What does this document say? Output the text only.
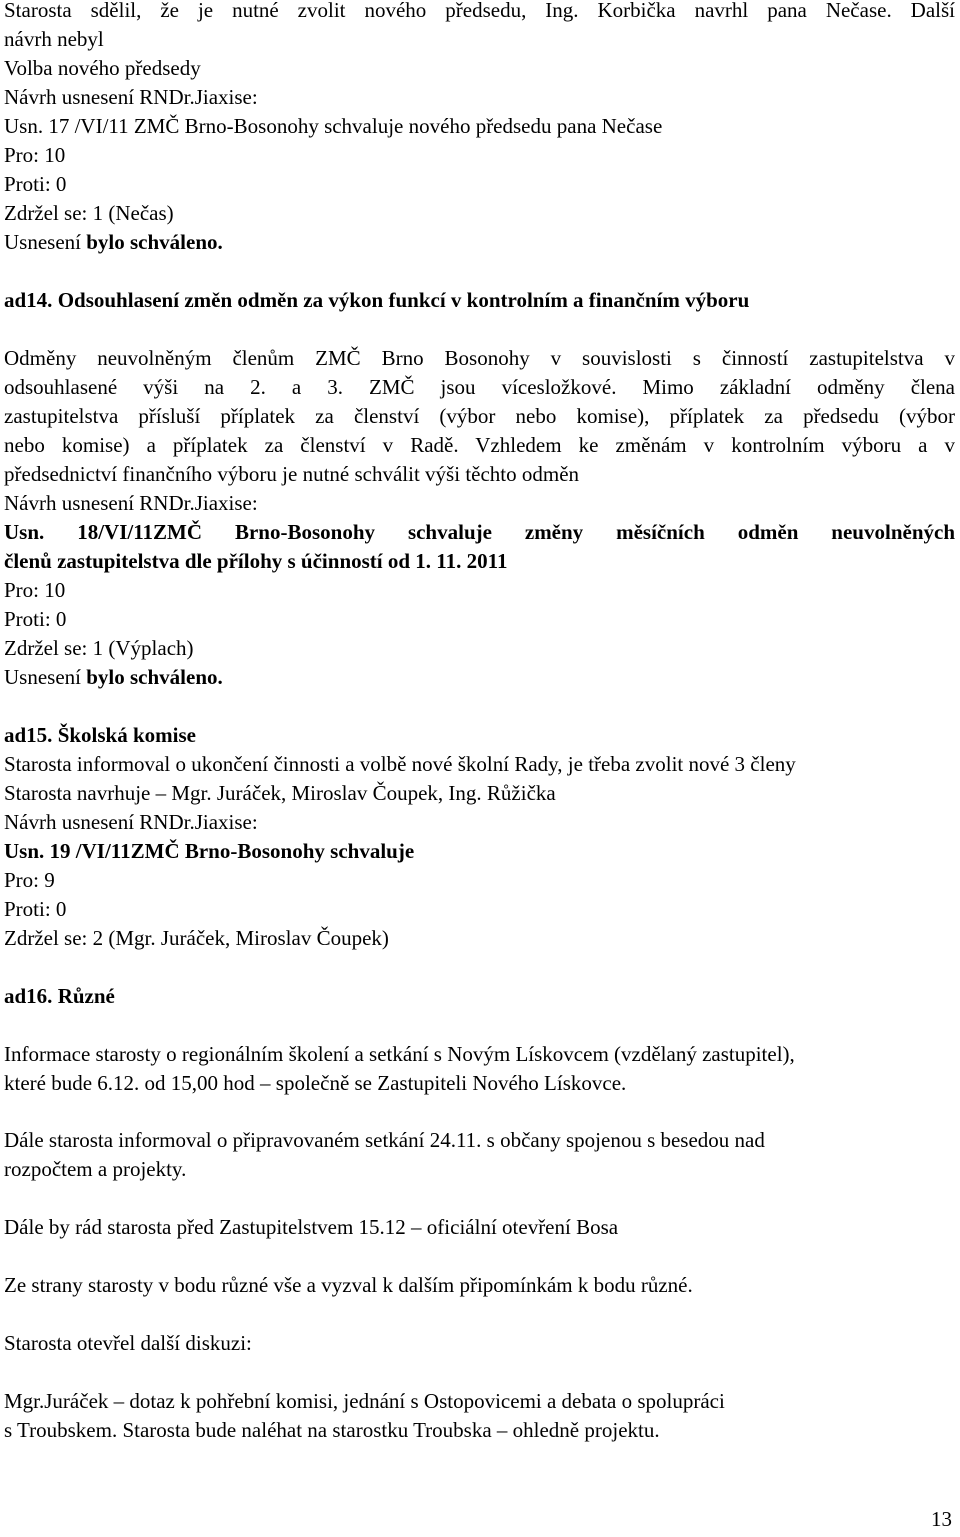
Starosta sdělil, že je nutné zvolit nového předsedu, Ing. Korbička navrhl pana Nečase. Další

návrh nebyl

Volba nového předsedy

Návrh usnesení RNDr.Jiaxise:

Usn. 17 /VI/11 ZMČ Brno-Bosonohy schvaluje nového předsedu pana Nečase

Pro: 10

Proti: 0

Zdržel se: 1 (Nečas)

Usnesení bylo schváleno.

ad14. Odsouhlasení změn odměn za výkon funkcí v kontrolním a finančním výboru

Odměny neuvolněným členům ZMČ Brno Bosonohy v souvislosti s činností zastupitelstva v

odsouhlasené výši na 2. a 3. ZMČ jsou vícesložkové. Mimo základní odměny člena

zastupitelstva přísluší příplatek za členství (výbor nebo komise), příplatek za předsedu (výbor

nebo komise) a příplatek za členství v Radě. Vzhledem ke změnám v kontrolním výboru a v

předsednictví finančního výboru je nutné schválit výši těchto odměn

Návrh usnesení RNDr.Jiaxise:

Usn. 18/VI/11ZMČ Brno-Bosonohy schvaluje změny měsíčních odměn neuvolněných

členů zastupitelstva dle přílohy s účinností od 1. 11. 2011

Pro: 10

Proti: 0

Zdržel se: 1 (Výplach)

Usnesení bylo schváleno.

ad15. Školská komise

Starosta informoval o ukončení činnosti a volbě nové školní Rady, je třeba zvolit nové 3 členy

Starosta navrhuje – Mgr. Juráček, Miroslav Čoupek, Ing. Růžička

Návrh usnesení RNDr.Jiaxise:

Usn. 19 /VI/11ZMČ Brno-Bosonohy schvaluje

Pro: 9

Proti: 0

Zdržel se: 2 (Mgr. Juráček, Miroslav Čoupek)

ad16. Různé

Informace starosty o regionálním školení a setkání s Novým Lískovcem (vzdělaný zastupitel),

které bude 6.12. od 15,00 hod – společně se Zastupiteli Nového Lískovce.

Dále starosta informoval o připravovaném setkání 24.11. s občany spojenou s besedou nad

rozpočtem a projekty.

Dále by rád starosta před Zastupitelstvem 15.12 – oficiální otevření Bosa

Ze strany starosty v bodu různé vše a vyzval k dalším připomínkám k bodu různé.

Starosta otevřel další diskuzi:

Mgr.Juráček – dotaz k pohřební komisi, jednání s Ostopovicemi a debata o spolupráci

s Troubskem. Starosta bude naléhat na starostku Troubska – ohledně projektu.

13
